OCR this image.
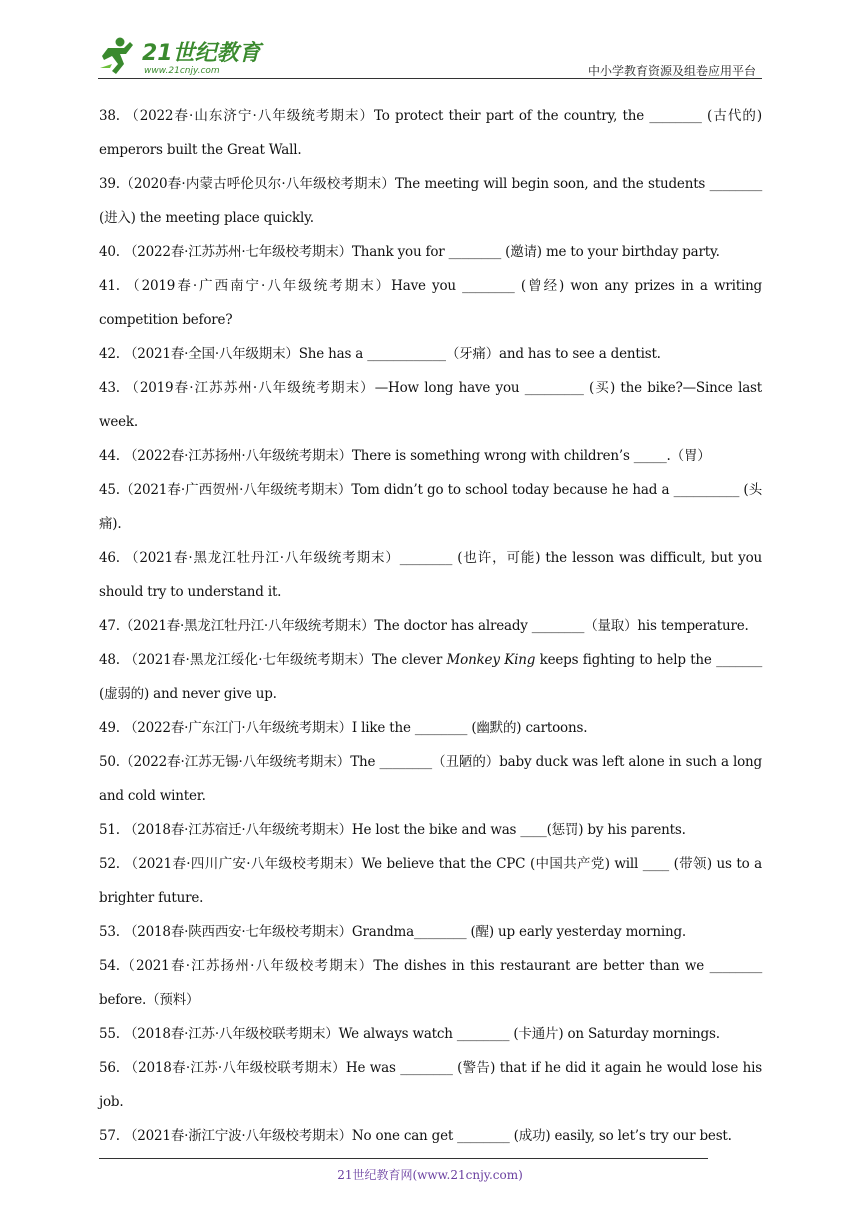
21世纪教育
www.21cnjy.com	中小学教育资源及组卷应用平台

38. （2022春·山东济宁·八年级统考期末）To protect their part of the country, the ________ (古代的) emperors built the Great Wall.

39.（2020春·内蒙古呼伦贝尔·八年级校考期末）The meeting will begin soon, and the students ________ (进入) the meeting place quickly.

40. （2022春·江苏苏州·七年级校考期末）Thank you for ________ (邀请) me to your birthday party.

41. （2019春·广西南宁·八年级统考期末）Have you ________ (曾经) won any prizes in a writing competition before?

42. （2021春·全国·八年级期末）She has a ____________（牙痛）and has to see a dentist.

43. （2019春·江苏苏州·八年级统考期末）—How long have you _________ (买) the bike?—Since last week.

44. （2022春·江苏扬州·八年级统考期末）There is something wrong with children’s _____.（胃）

45.（2021春·广西贺州·八年级统考期末）Tom didn’t go to school today because he had a __________ (头痛).

46. （2021春·黑龙江牡丹江·八年级统考期末）________ (也许，可能) the lesson was difficult, but you should try to understand it.

47.（2021春·黑龙江牡丹江·八年级统考期末）The doctor has already ________（量取）his temperature.

48. （2021春·黑龙江绥化·七年级统考期末）The clever Monkey King keeps fighting to help the _______ (虚弱的) and never give up.

49. （2022春·广东江门·八年级统考期末）I like the ________ (幽默的) cartoons.

50.（2022春·江苏无锡·八年级统考期末）The ________（丑陋的）baby duck was left alone in such a long and cold winter.

51. （2018春·江苏宿迁·八年级统考期末）He lost the bike and was ____(惩罚) by his parents.

52. （2021春·四川广安·八年级校考期末）We believe that the CPC (中国共产党) will ____ (带领) us to a brighter future.

53. （2018春·陕西西安·七年级校考期末）Grandma________ (醒) up early yesterday morning.

54.（2021春·江苏扬州·八年级校考期末）The dishes in this restaurant are better than we ________ before.（预料）

55. （2018春·江苏·八年级校联考期末）We always watch ________ (卡通片) on Saturday mornings.

56. （2018春·江苏·八年级校联考期末）He was ________ (警告) that if he did it again he would lose his job.

57. （2021春·浙江宁波·八年级校考期末）No one can get ________ (成功) easily, so let’s try our best.

21世纪教育网(www.21cnjy.com)
